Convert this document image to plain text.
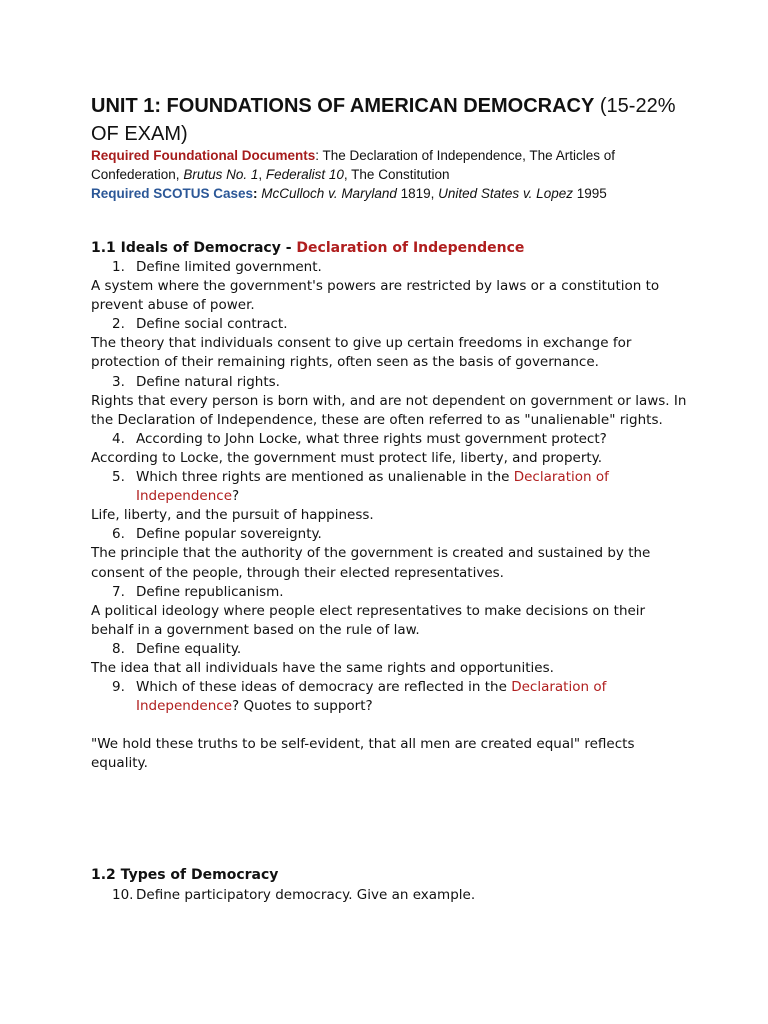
UNIT 1: FOUNDATIONS OF AMERICAN DEMOCRACY (15-22% OF EXAM)
Required Foundational Documents: The Declaration of Independence, The Articles of Confederation, Brutus No. 1, Federalist 10, The Constitution
Required SCOTUS Cases: McCulloch v. Maryland 1819, United States v. Lopez 1995
1.1 Ideals of Democracy - Declaration of Independence
1. Define limited government.
A system where the government's powers are restricted by laws or a constitution to prevent abuse of power.
2. Define social contract.
The theory that individuals consent to give up certain freedoms in exchange for protection of their remaining rights, often seen as the basis of governance.
3. Define natural rights.
Rights that every person is born with, and are not dependent on government or laws. In the Declaration of Independence, these are often referred to as "unalienable" rights.
4. According to John Locke, what three rights must government protect?
According to Locke, the government must protect life, liberty, and property.
5. Which three rights are mentioned as unalienable in the Declaration of Independence?
Life, liberty, and the pursuit of happiness.
6. Define popular sovereignty.
The principle that the authority of the government is created and sustained by the consent of the people, through their elected representatives.
7. Define republicanism.
A political ideology where people elect representatives to make decisions on their behalf in a government based on the rule of law.
8. Define equality.
The idea that all individuals have the same rights and opportunities.
9. Which of these ideas of democracy are reflected in the Declaration of Independence? Quotes to support?
"We hold these truths to be self-evident, that all men are created equal" reflects equality.
1.2 Types of Democracy
10. Define participatory democracy. Give an example.
